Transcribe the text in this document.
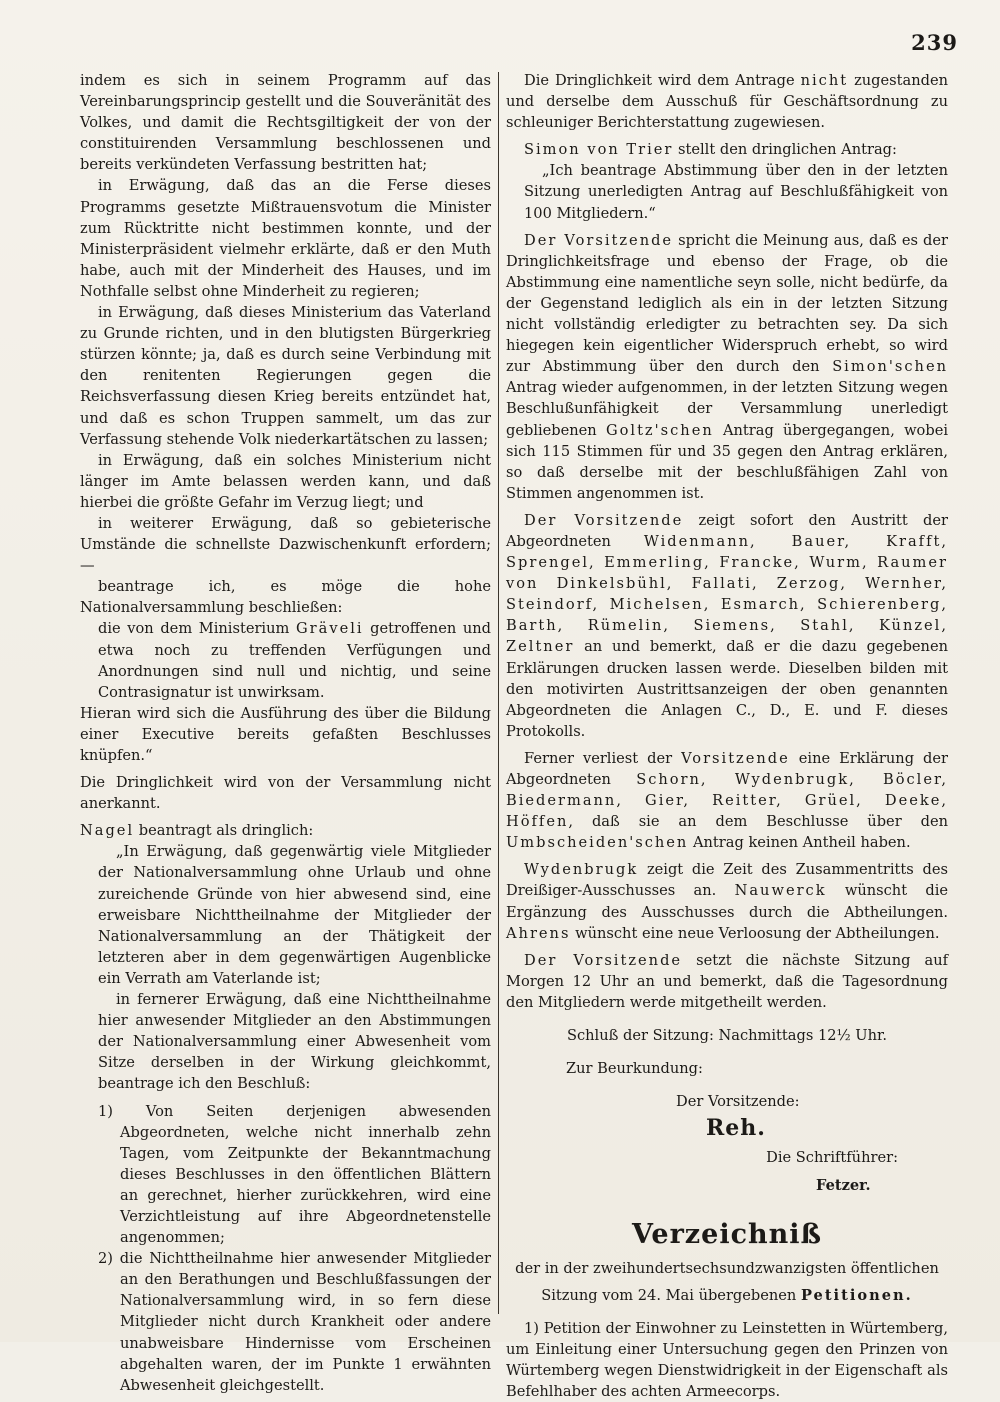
239

indem es sich in seinem Programm auf das Vereinbarungsprincip gestellt und die Souveränität des Volkes, und damit die Rechtsgiltigkeit der von der constituirenden Versammlung beschlossenen und bereits verkündeten Verfassung bestritten hat;

in Erwägung, daß das an die Ferse dieses Programms gesetzte Mißtrauensvotum die Minister zum Rücktritte nicht bestimmen konnte, und der Ministerpräsident vielmehr erklärte, daß er den Muth habe, auch mit der Minderheit des Hauses, und im Nothfalle selbst ohne Minderheit zu regieren;

in Erwägung, daß dieses Ministerium das Vaterland zu Grunde richten, und in den blutigsten Bürgerkrieg stürzen könnte; ja, daß es durch seine Verbindung mit den renitenten Regierungen gegen die Reichsverfassung diesen Krieg bereits entzündet hat, und daß es schon Truppen sammelt, um das zur Verfassung stehende Volk niederkartätschen zu lassen;

in Erwägung, daß ein solches Ministerium nicht länger im Amte belassen werden kann, und daß hierbei die größte Gefahr im Verzug liegt; und

in weiterer Erwägung, daß so gebieterische Umstände die schnellste Dazwischenkunft erfordern; —

beantrage ich, es möge die hohe Nationalversammlung beschließen:

die von dem Ministerium Gräveli getroffenen und etwa noch zu treffenden Verfügungen und Anordnungen sind null und nichtig, und seine Contrasignatur ist unwirksam.

Hieran wird sich die Ausführung des über die Bildung einer Executive bereits gefaßten Beschlusses knüpfen.“

Die Dringlichkeit wird von der Versammlung nicht anerkannt.

Nagel beantragt als dringlich:

„In Erwägung, daß gegenwärtig viele Mitglieder der Nationalversammlung ohne Urlaub und ohne zureichende Gründe von hier abwesend sind, eine erweisbare Nichttheilnahme der Mitglieder der Nationalversammlung an der Thätigkeit der letzteren aber in dem gegenwärtigen Augenblicke ein Verrath am Vaterlande ist;

in fernerer Erwägung, daß eine Nichttheilnahme hier anwesender Mitglieder an den Abstimmungen der Nationalversammlung einer Abwesenheit vom Sitze derselben in der Wirkung gleichkommt, beantrage ich den Beschluß:

1) Von Seiten derjenigen abwesenden Abgeordneten, welche nicht innerhalb zehn Tagen, vom Zeitpunkte der Bekanntmachung dieses Beschlusses in den öffentlichen Blättern an gerechnet, hierher zurückkehren, wird eine Verzichtleistung auf ihre Abgeordnetenstelle angenommen;

2) die Nichttheilnahme hier anwesender Mitglieder an den Berathungen und Beschlußfassungen der Nationalversammlung wird, in so fern diese Mitglieder nicht durch Krankheit oder andere unabweisbare Hindernisse vom Erscheinen abgehalten waren, der im Punkte 1 erwähnten Abwesenheit gleichgestellt.

Die Dringlichkeit wird dem Antrage nicht zugestanden und derselbe dem Ausschuß für Geschäftsordnung zu schleuniger Berichterstattung zugewiesen.

Simon von Trier stellt den dringlichen Antrag:

„Ich beantrage Abstimmung über den in der letzten Sitzung unerledigten Antrag auf Beschlußfähigkeit von 100 Mitgliedern.“

Der Vorsitzende spricht die Meinung aus, daß es der Dringlichkeitsfrage und ebenso der Frage, ob die Abstimmung eine namentliche seyn solle, nicht bedürfe, da der Gegenstand lediglich als ein in der letzten Sitzung nicht vollständig erledigter zu betrachten sey. Da sich hiegegen kein eigentlicher Widerspruch erhebt, so wird zur Abstimmung über den durch den Simon'schen Antrag wieder aufgenommen, in der letzten Sitzung wegen Beschlußunfähigkeit der Versammlung unerledigt gebliebenen Goltz'schen Antrag übergegangen, wobei sich 115 Stimmen für und 35 gegen den Antrag erklären, so daß derselbe mit der beschlußfähigen Zahl von Stimmen angenommen ist.

Der Vorsitzende zeigt sofort den Austritt der Abgeordneten Widenmann, Bauer, Krafft, Sprengel, Emmerling, Francke, Wurm, Raumer von Dinkelsbühl, Fallati, Zerzog, Wernher, Steindorf, Michelsen, Esmarch, Schierenberg, Barth, Rümelin, Siemens, Stahl, Künzel, Zeltner an und bemerkt, daß er die dazu gegebenen Erklärungen drucken lassen werde. Dieselben bilden mit den motivirten Austrittsanzeigen der oben genannten Abgeordneten die Anlagen C., D., E. und F. dieses Protokolls.

Ferner verliest der Vorsitzende eine Erklärung der Abgeordneten Schorn, Wydenbrugk, Böcler, Biedermann, Gier, Reitter, Grüel, Deeke, Höffen, daß sie an dem Beschlusse über den Umbscheiden'schen Antrag keinen Antheil haben.

Wydenbrugk zeigt die Zeit des Zusammentritts des Dreißiger-Ausschusses an. Nauwerck wünscht die Ergänzung des Ausschusses durch die Abtheilungen. Ahrens wünscht eine neue Verloosung der Abtheilungen.

Der Vorsitzende setzt die nächste Sitzung auf Morgen 12 Uhr an und bemerkt, daß die Tagesordnung den Mitgliedern werde mitgetheilt werden.

Schluß der Sitzung: Nachmittags 12½ Uhr.

Zur Beurkundung:

Der Vorsitzende:

Reh.

Die Schriftführer:

Fetzer.

Verzeichniß

der in der zweihundertsechsundzwanzigsten öffentlichen

Sitzung vom 24. Mai übergebenen Petitionen.

1) Petition der Einwohner zu Leinstetten in Würtemberg, um Einleitung einer Untersuchung gegen den Prinzen von Würtemberg wegen Dienstwidrigkeit in der Eigenschaft als Befehlhaber des achten Armeecorps.
